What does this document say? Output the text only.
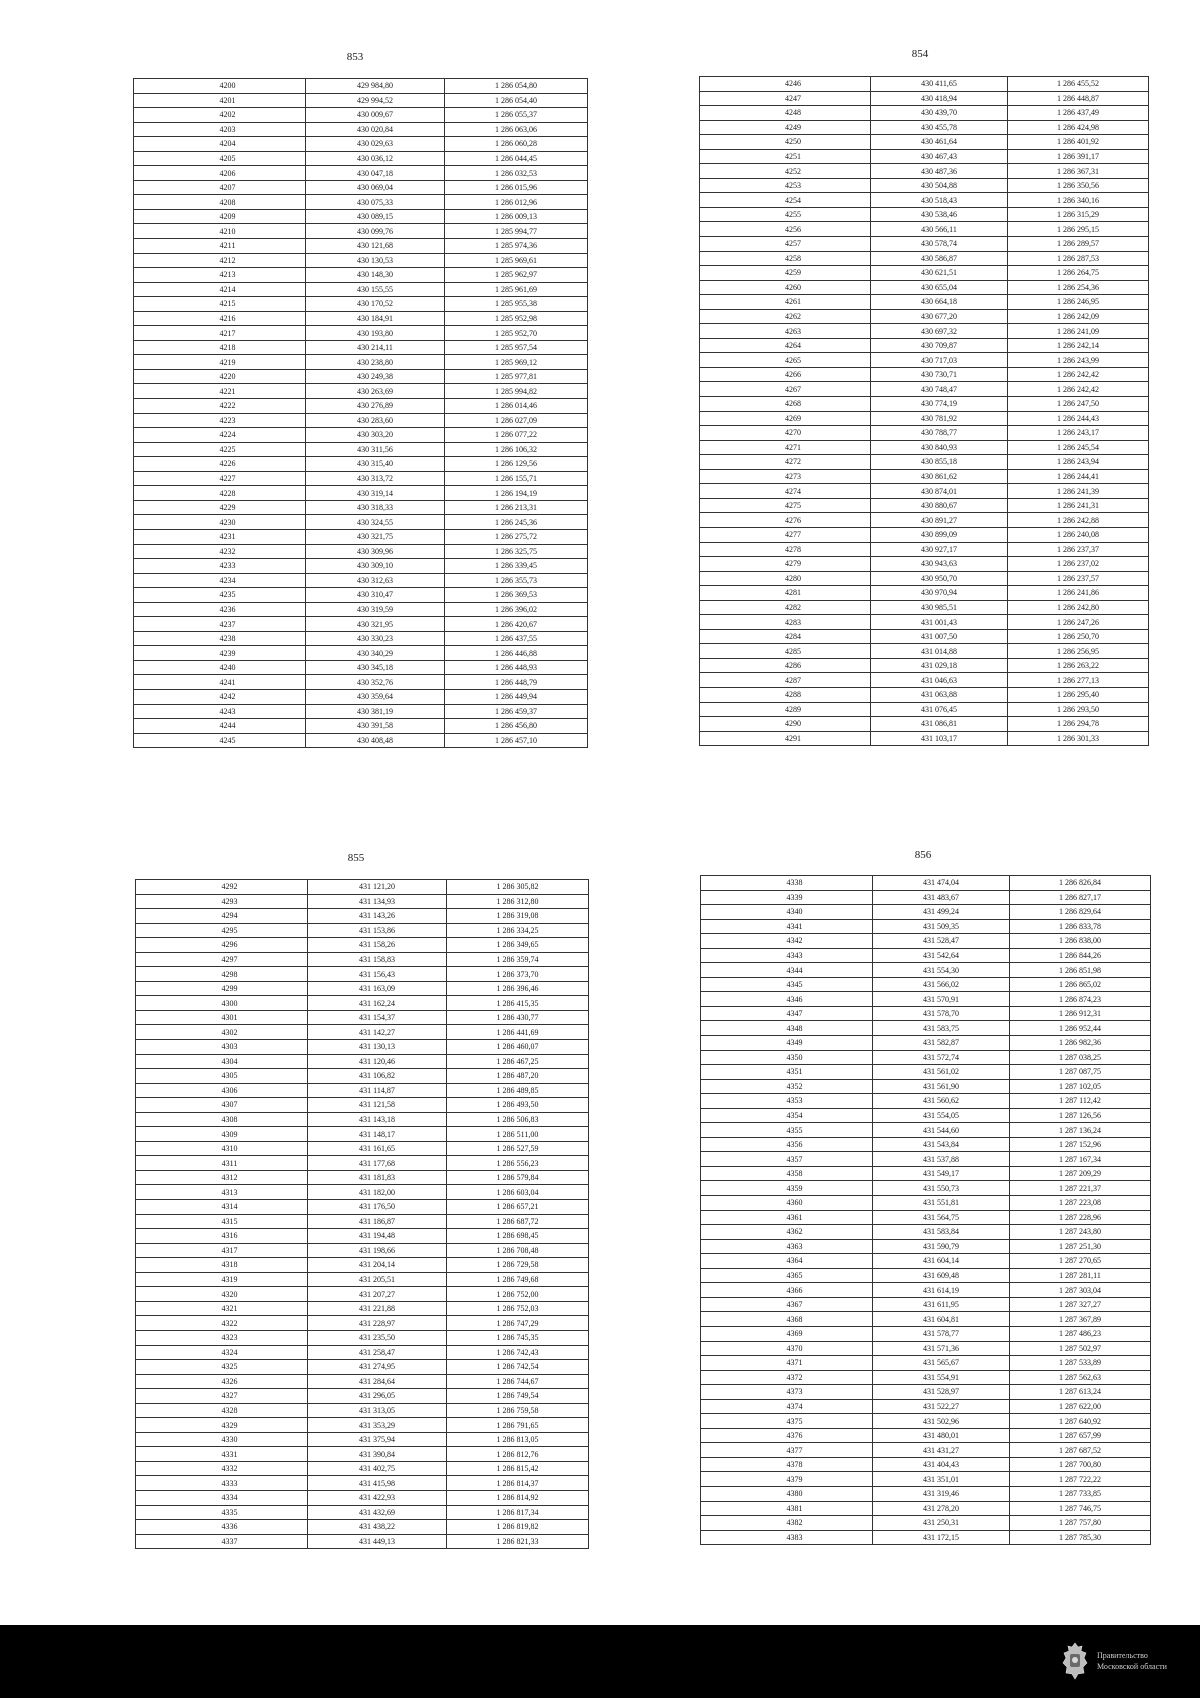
853
4200	429 984,80	1 286 054,80
4201	429 994,52	1 286 054,40
4202	430 009,67	1 286 055,37
4203	430 020,84	1 286 063,06
4204	430 029,63	1 286 060,28
4205	430 036,12	1 286 044,45
4206	430 047,18	1 286 032,53
4207	430 069,04	1 286 015,96
4208	430 075,33	1 286 012,96
4209	430 089,15	1 286 009,13
4210	430 099,76	1 285 994,77
4211	430 121,68	1 285 974,36
4212	430 130,53	1 285 969,61
4213	430 148,30	1 285 962,97
4214	430 155,55	1 285 961,69
4215	430 170,52	1 285 955,38
4216	430 184,91	1 285 952,98
4217	430 193,80	1 285 952,70
4218	430 214,11	1 285 957,54
4219	430 238,80	1 285 969,12
4220	430 249,38	1 285 977,81
4221	430 263,69	1 285 994,82
4222	430 276,89	1 286 014,46
4223	430 283,60	1 286 027,09
4224	430 303,20	1 286 077,22
4225	430 311,56	1 286 106,32
4226	430 315,40	1 286 129,56
4227	430 313,72	1 286 155,71
4228	430 319,14	1 286 194,19
4229	430 318,33	1 286 213,31
4230	430 324,55	1 286 245,36
4231	430 321,75	1 286 275,72
4232	430 309,96	1 286 325,75
4233	430 309,10	1 286 339,45
4234	430 312,63	1 286 355,73
4235	430 310,47	1 286 369,53
4236	430 319,59	1 286 396,02
4237	430 321,95	1 286 420,67
4238	430 330,23	1 286 437,55
4239	430 340,29	1 286 446,88
4240	430 345,18	1 286 448,93
4241	430 352,76	1 286 448,79
4242	430 359,64	1 286 449,94
4243	430 381,19	1 286 459,37
4244	430 391,58	1 286 456,80
4245	430 408,48	1 286 457,10
854
4246	430 411,65	1 286 455,52
4247	430 418,94	1 286 448,87
4248	430 439,70	1 286 437,49
4249	430 455,78	1 286 424,98
4250	430 461,64	1 286 401,92
4251	430 467,43	1 286 391,17
4252	430 487,36	1 286 367,31
4253	430 504,88	1 286 350,56
4254	430 518,43	1 286 340,16
4255	430 538,46	1 286 315,29
4256	430 566,11	1 286 295,15
4257	430 578,74	1 286 289,57
4258	430 586,87	1 286 287,53
4259	430 621,51	1 286 264,75
4260	430 655,04	1 286 254,36
4261	430 664,18	1 286 246,95
4262	430 677,20	1 286 242,09
4263	430 697,32	1 286 241,09
4264	430 709,87	1 286 242,14
4265	430 717,03	1 286 243,99
4266	430 730,71	1 286 242,42
4267	430 748,47	1 286 242,42
4268	430 774,19	1 286 247,50
4269	430 781,92	1 286 244,43
4270	430 788,77	1 286 243,17
4271	430 840,93	1 286 245,54
4272	430 855,18	1 286 243,94
4273	430 861,62	1 286 244,41
4274	430 874,01	1 286 241,39
4275	430 880,67	1 286 241,31
4276	430 891,27	1 286 242,88
4277	430 899,09	1 286 240,08
4278	430 927,17	1 286 237,37
4279	430 943,63	1 286 237,02
4280	430 950,70	1 286 237,57
4281	430 970,94	1 286 241,86
4282	430 985,51	1 286 242,80
4283	431 001,43	1 286 247,26
4284	431 007,50	1 286 250,70
4285	431 014,88	1 286 256,95
4286	431 029,18	1 286 263,22
4287	431 046,63	1 286 277,13
4288	431 063,88	1 286 295,40
4289	431 076,45	1 286 293,50
4290	431 086,81	1 286 294,78
4291	431 103,17	1 286 301,33
855
4292	431 121,20	1 286 305,82
4293	431 134,93	1 286 312,80
4294	431 143,26	1 286 319,08
4295	431 153,86	1 286 334,25
4296	431 158,26	1 286 349,65
4297	431 158,83	1 286 359,74
4298	431 156,43	1 286 373,70
4299	431 163,09	1 286 396,46
4300	431 162,24	1 286 415,35
4301	431 154,37	1 286 430,77
4302	431 142,27	1 286 441,69
4303	431 130,13	1 286 460,07
4304	431 120,46	1 286 467,25
4305	431 106,82	1 286 487,20
4306	431 114,87	1 286 489,85
4307	431 121,58	1 286 493,50
4308	431 143,18	1 286 506,83
4309	431 148,17	1 286 511,00
4310	431 161,65	1 286 527,59
4311	431 177,68	1 286 556,23
4312	431 181,83	1 286 579,84
4313	431 182,00	1 286 603,04
4314	431 176,50	1 286 657,21
4315	431 186,87	1 286 687,72
4316	431 194,48	1 286 698,45
4317	431 198,66	1 286 708,48
4318	431 204,14	1 286 729,58
4319	431 205,51	1 286 749,68
4320	431 207,27	1 286 752,00
4321	431 221,88	1 286 752,03
4322	431 228,97	1 286 747,29
4323	431 235,50	1 286 745,35
4324	431 258,47	1 286 742,43
4325	431 274,95	1 286 742,54
4326	431 284,64	1 286 744,67
4327	431 296,05	1 286 749,54
4328	431 313,05	1 286 759,58
4329	431 353,29	1 286 791,65
4330	431 375,94	1 286 813,05
4331	431 390,84	1 286 812,76
4332	431 402,75	1 286 815,42
4333	431 415,98	1 286 814,37
4334	431 422,93	1 286 814,92
4335	431 432,69	1 286 817,34
4336	431 438,22	1 286 819,82
4337	431 449,13	1 286 821,33
856
4338	431 474,04	1 286 826,84
4339	431 483,67	1 286 827,17
4340	431 499,24	1 286 829,64
4341	431 509,35	1 286 833,78
4342	431 528,47	1 286 838,00
4343	431 542,64	1 286 844,26
4344	431 554,30	1 286 851,98
4345	431 566,02	1 286 865,02
4346	431 570,91	1 286 874,23
4347	431 578,70	1 286 912,31
4348	431 583,75	1 286 952,44
4349	431 582,87	1 286 982,36
4350	431 572,74	1 287 038,25
4351	431 561,02	1 287 087,75
4352	431 561,90	1 287 102,05
4353	431 560,62	1 287 112,42
4354	431 554,05	1 287 126,56
4355	431 544,60	1 287 136,24
4356	431 543,84	1 287 152,96
4357	431 537,88	1 287 167,34
4358	431 549,17	1 287 209,29
4359	431 550,73	1 287 221,37
4360	431 551,81	1 287 223,08
4361	431 564,75	1 287 228,96
4362	431 583,84	1 287 243,80
4363	431 590,79	1 287 251,30
4364	431 604,14	1 287 270,65
4365	431 609,48	1 287 281,11
4366	431 614,19	1 287 303,04
4367	431 611,95	1 287 327,27
4368	431 604,81	1 287 367,89
4369	431 578,77	1 287 486,23
4370	431 571,36	1 287 502,97
4371	431 565,67	1 287 533,89
4372	431 554,91	1 287 562,63
4373	431 528,97	1 287 613,24
4374	431 522,27	1 287 622,00
4375	431 502,96	1 287 640,92
4376	431 480,01	1 287 657,99
4377	431 431,27	1 287 687,52
4378	431 404,43	1 287 700,80
4379	431 351,01	1 287 722,22
4380	431 319,46	1 287 733,85
4381	431 278,20	1 287 746,75
4382	431 250,31	1 287 757,80
4383	431 172,15	1 287 785,30
Правительство
Московской области
